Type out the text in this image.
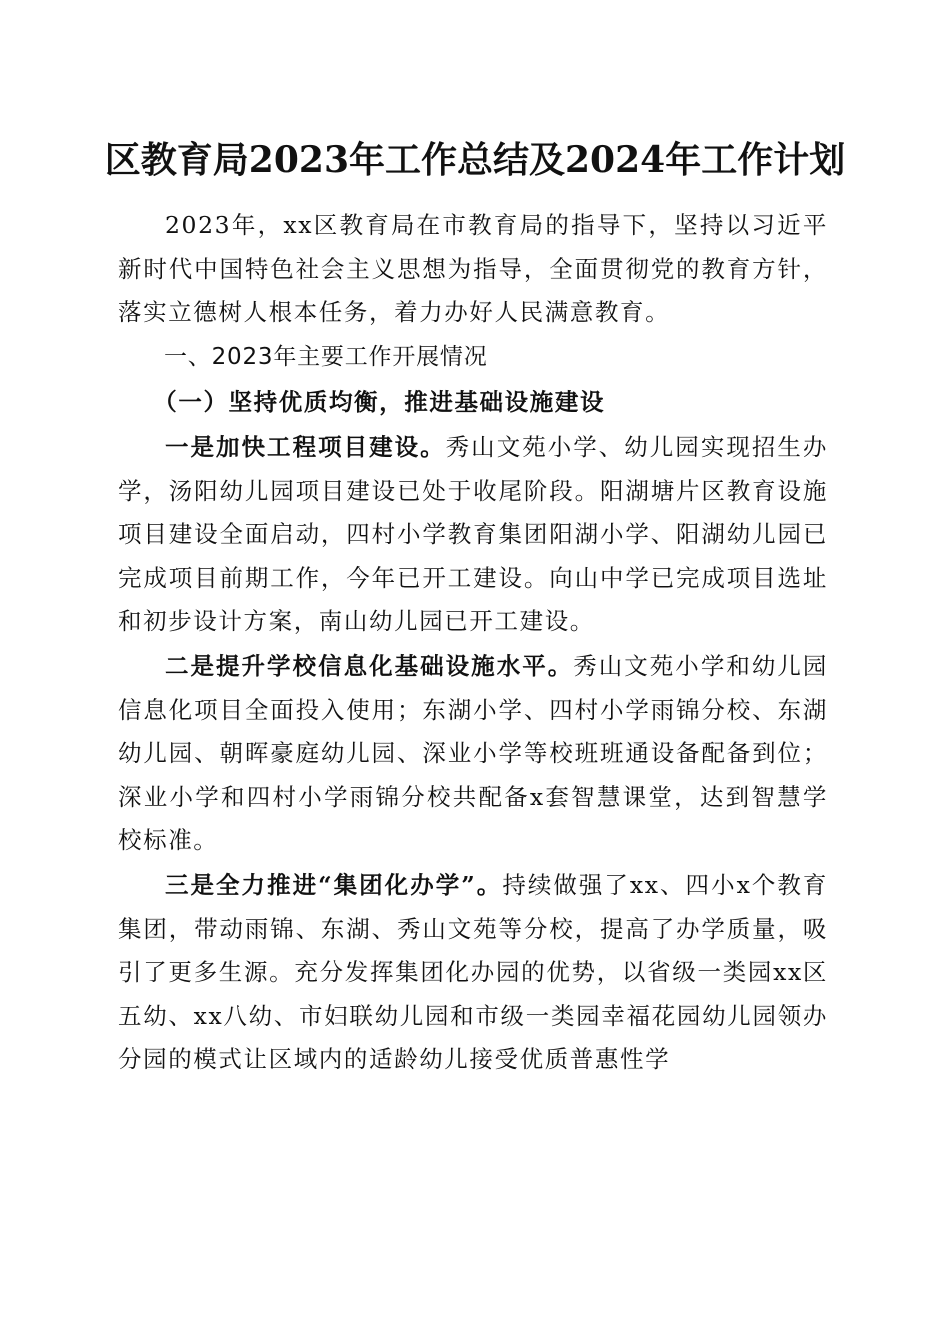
区教育局2023年工作总结及2024年工作计划

2023年，xx区教育局在市教育局的指导下，坚持以习近平新时代中国特色社会主义思想为指导，全面贯彻党的教育方针，落实立德树人根本任务，着力办好人民满意教育。

一、2023年主要工作开展情况

（一）坚持优质均衡，推进基础设施建设

一是加快工程项目建设。秀山文苑小学、幼儿园实现招生办学，汤阳幼儿园项目建设已处于收尾阶段。阳湖塘片区教育设施项目建设全面启动，四村小学教育集团阳湖小学、阳湖幼儿园已完成项目前期工作，今年已开工建设。向山中学已完成项目选址和初步设计方案，南山幼儿园已开工建设。

二是提升学校信息化基础设施水平。秀山文苑小学和幼儿园信息化项目全面投入使用；东湖小学、四村小学雨锦分校、东湖幼儿园、朝晖豪庭幼儿园、深业小学等校班班通设备配备到位；深业小学和四村小学雨锦分校共配备x套智慧课堂，达到智慧学校标准。

三是全力推进“集团化办学”。持续做强了xx、四小x个教育集团，带动雨锦、东湖、秀山文苑等分校，提高了办学质量，吸引了更多生源。充分发挥集团化办园的优势，以省级一类园xx区五幼、xx八幼、市妇联幼儿园和市级一类园幸福花园幼儿园领办分园的模式让区域内的适龄幼儿接受优质普惠性学
